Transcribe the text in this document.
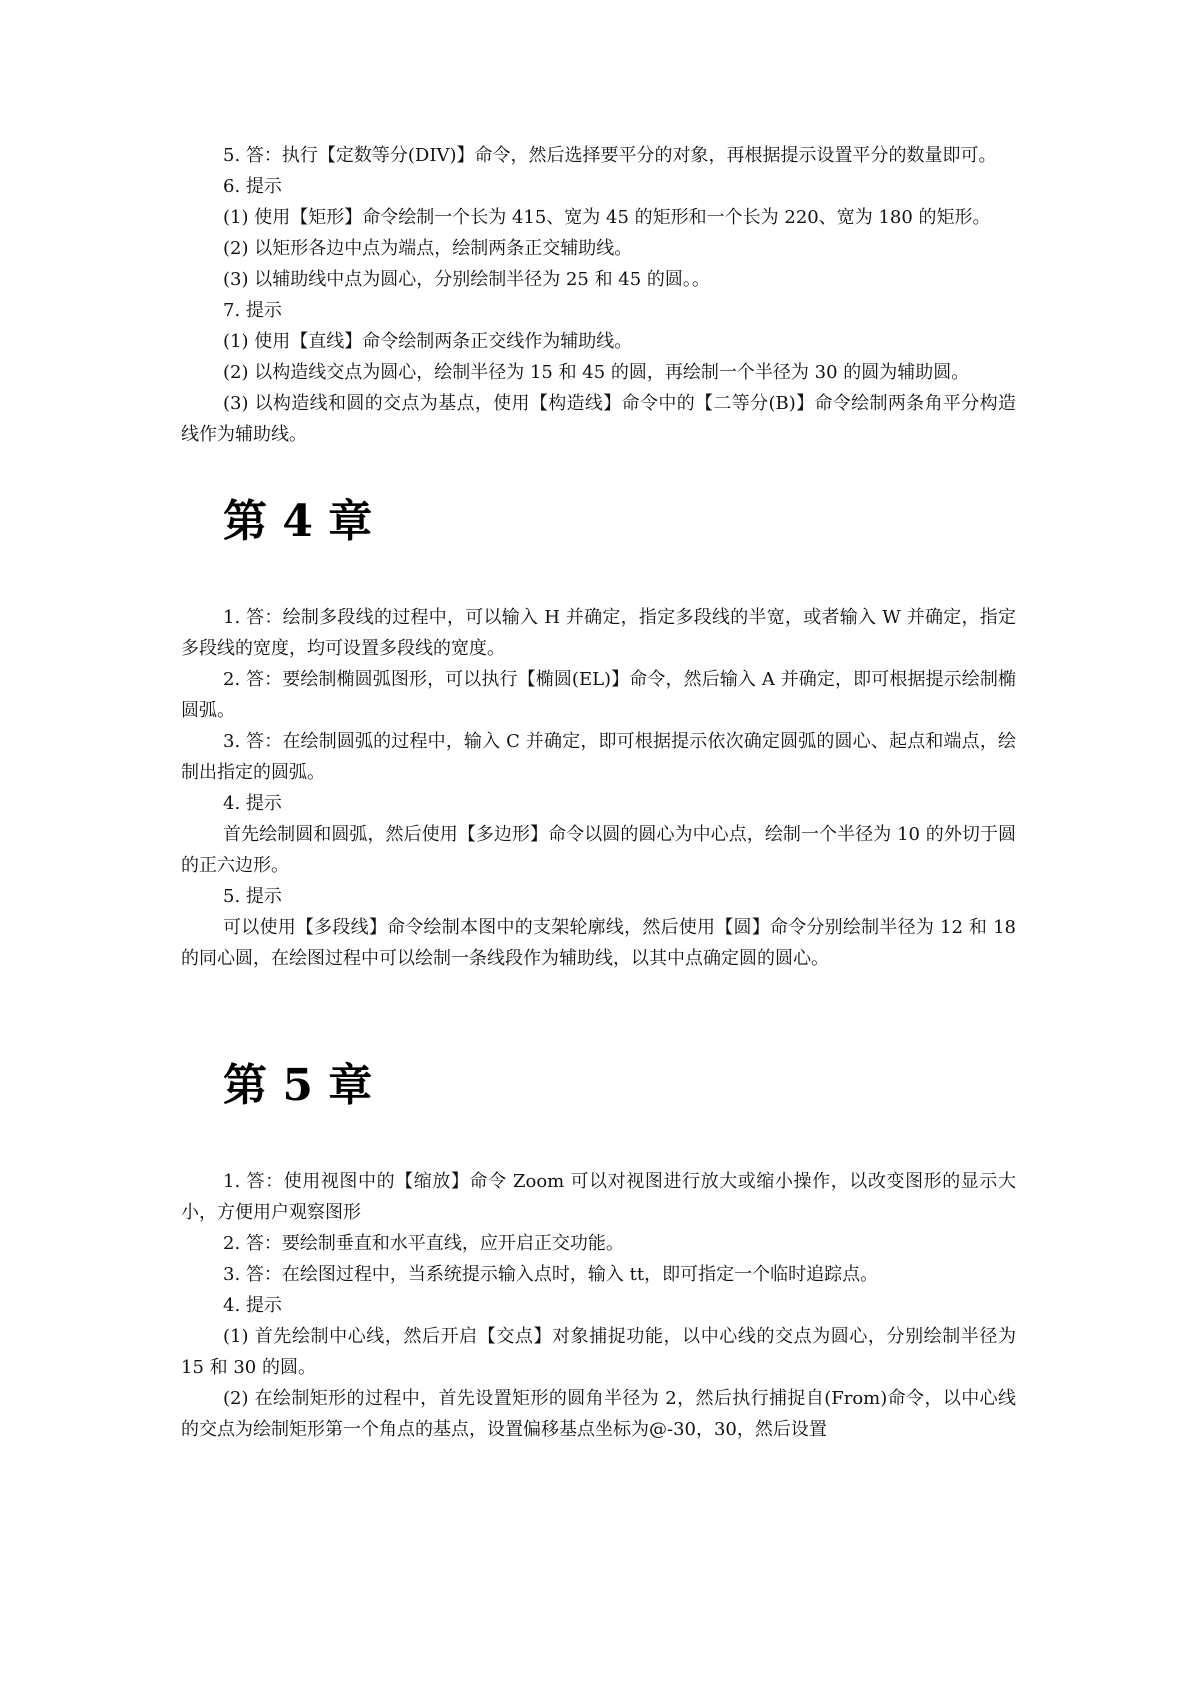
5. 答：执行【定数等分(DIV)】命令，然后选择要平分的对象，再根据提示设置平分的数量即可。

6. 提示

(1) 使用【矩形】命令绘制一个长为 415、宽为 45 的矩形和一个长为 220、宽为 180 的矩形。

(2) 以矩形各边中点为端点，绘制两条正交辅助线。

(3) 以辅助线中点为圆心，分别绘制半径为 25 和 45 的圆。。

7. 提示

(1) 使用【直线】命令绘制两条正交线作为辅助线。

(2) 以构造线交点为圆心，绘制半径为 15 和 45 的圆，再绘制一个半径为 30 的圆为辅助圆。

(3) 以构造线和圆的交点为基点，使用【构造线】命令中的【二等分(B)】命令绘制两条角平分构造线作为辅助线。

第 4 章

1. 答：绘制多段线的过程中，可以输入 H 并确定，指定多段线的半宽，或者输入 W 并确定，指定多段线的宽度，均可设置多段线的宽度。

2. 答：要绘制椭圆弧图形，可以执行【椭圆(EL)】命令，然后输入 A 并确定，即可根据提示绘制椭圆弧。

3. 答：在绘制圆弧的过程中，输入 C 并确定，即可根据提示依次确定圆弧的圆心、起点和端点，绘制出指定的圆弧。

4. 提示

首先绘制圆和圆弧，然后使用【多边形】命令以圆的圆心为中心点，绘制一个半径为 10 的外切于圆的正六边形。

5. 提示

可以使用【多段线】命令绘制本图中的支架轮廓线，然后使用【圆】命令分别绘制半径为 12 和 18 的同心圆，在绘图过程中可以绘制一条线段作为辅助线，以其中点确定圆的圆心。

第 5 章

1. 答：使用视图中的【缩放】命令 Zoom 可以对视图进行放大或缩小操作，以改变图形的显示大小，方便用户观察图形

2. 答：要绘制垂直和水平直线，应开启正交功能。

3. 答：在绘图过程中，当系统提示输入点时，输入 tt，即可指定一个临时追踪点。

4. 提示

(1) 首先绘制中心线，然后开启【交点】对象捕捉功能，以中心线的交点为圆心，分别绘制半径为 15 和 30 的圆。

(2) 在绘制矩形的过程中，首先设置矩形的圆角半径为 2，然后执行捕捉自(From)命令，以中心线的交点为绘制矩形第一个角点的基点，设置偏移基点坐标为@-30，30，然后设置
